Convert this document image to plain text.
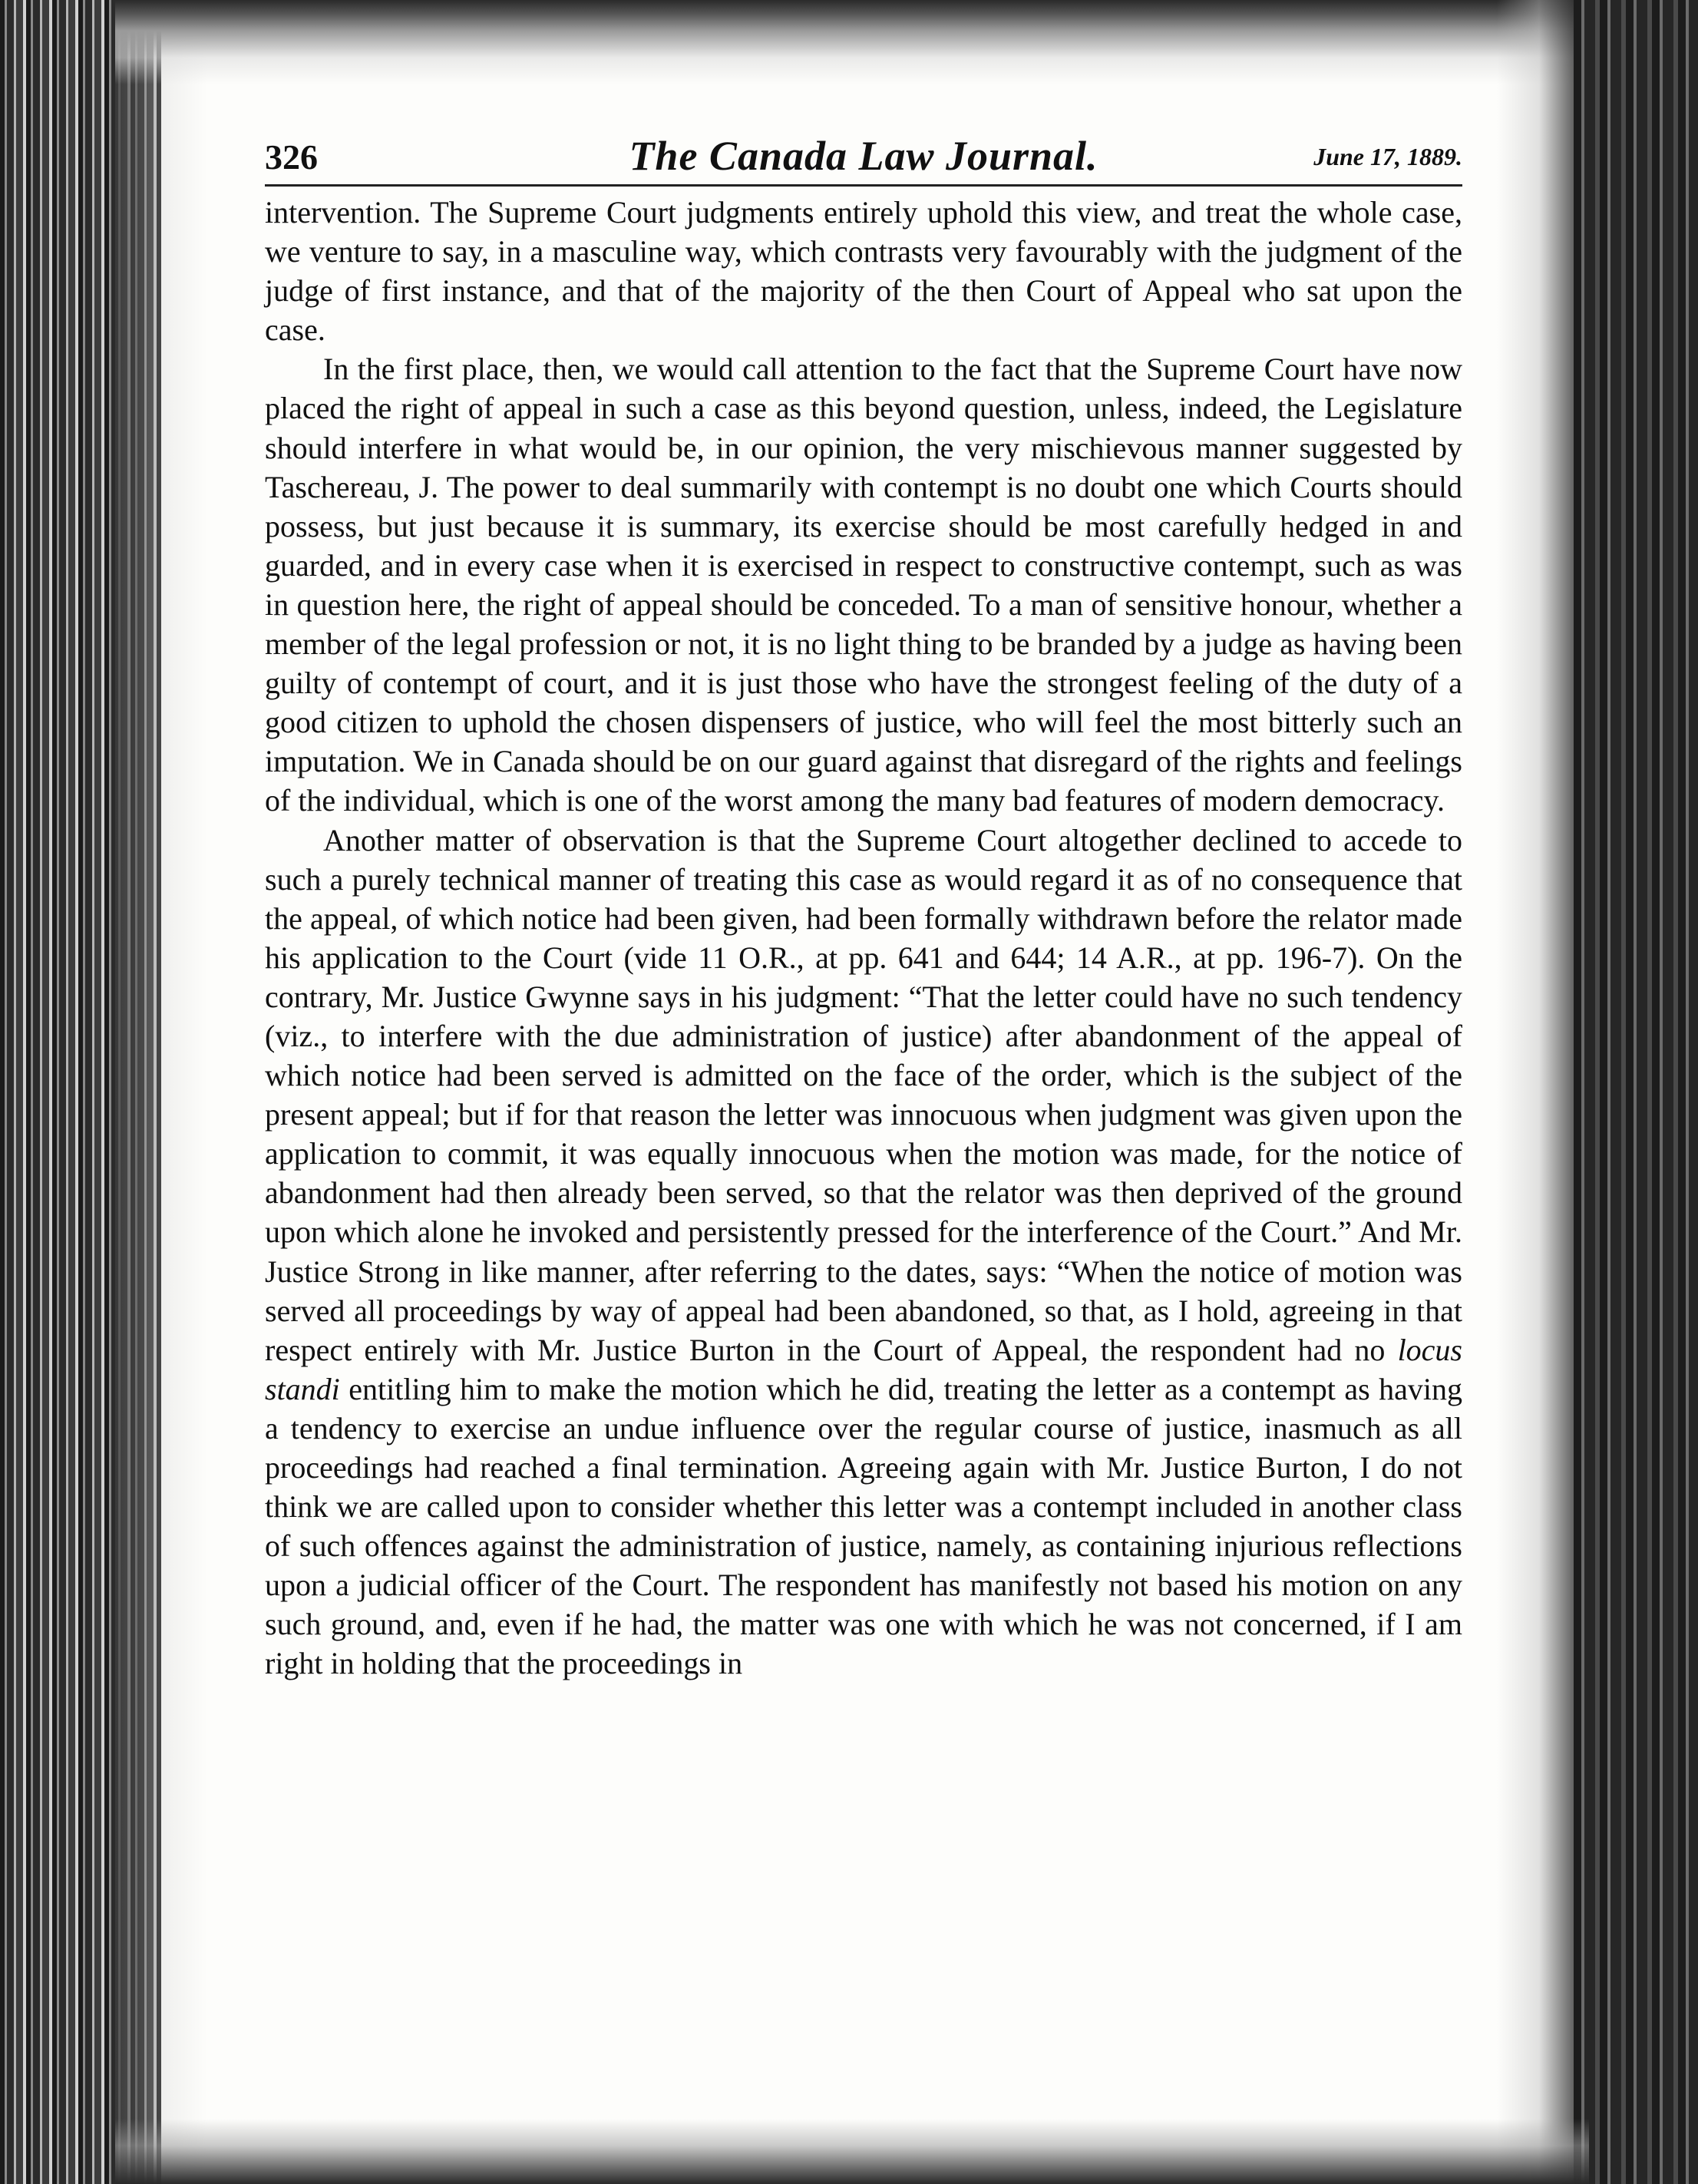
326	The Canada Law Journal.	June 17, 1889.

intervention. The Supreme Court judgments entirely uphold this view, and treat the whole case, we venture to say, in a masculine way, which contrasts very favourably with the judgment of the judge of first instance, and that of the majority of the then Court of Appeal who sat upon the case.

In the first place, then, we would call attention to the fact that the Supreme Court have now placed the right of appeal in such a case as this beyond question, unless, indeed, the Legislature should interfere in what would be, in our opinion, the very mischievous manner suggested by Taschereau, J. The power to deal summarily with contempt is no doubt one which Courts should possess, but just because it is summary, its exercise should be most carefully hedged in and guarded, and in every case when it is exercised in respect to constructive contempt, such as was in question here, the right of appeal should be conceded. To a man of sensitive honour, whether a member of the legal profession or not, it is no light thing to be branded by a judge as having been guilty of contempt of court, and it is just those who have the strongest feeling of the duty of a good citizen to uphold the chosen dispensers of justice, who will feel the most bitterly such an imputation. We in Canada should be on our guard against that disregard of the rights and feelings of the individual, which is one of the worst among the many bad features of modern democracy.

Another matter of observation is that the Supreme Court altogether declined to accede to such a purely technical manner of treating this case as would regard it as of no consequence that the appeal, of which notice had been given, had been formally withdrawn before the relator made his application to the Court (vide 11 O.R., at pp. 641 and 644; 14 A.R., at pp. 196-7). On the contrary, Mr. Justice Gwynne says in his judgment: “That the letter could have no such tendency (viz., to interfere with the due administration of justice) after abandonment of the appeal of which notice had been served is admitted on the face of the order, which is the subject of the present appeal; but if for that reason the letter was innocuous when judgment was given upon the application to commit, it was equally innocuous when the motion was made, for the notice of abandonment had then already been served, so that the relator was then deprived of the ground upon which alone he invoked and persistently pressed for the interference of the Court.” And Mr. Justice Strong in like manner, after referring to the dates, says: “When the notice of motion was served all proceedings by way of appeal had been abandoned, so that, as I hold, agreeing in that respect entirely with Mr. Justice Burton in the Court of Appeal, the respondent had no locus standi entitling him to make the motion which he did, treating the letter as a contempt as having a tendency to exercise an undue influence over the regular course of justice, inasmuch as all proceedings had reached a final termination. Agreeing again with Mr. Justice Burton, I do not think we are called upon to consider whether this letter was a contempt included in another class of such offences against the administration of justice, namely, as containing injurious reflections upon a judicial officer of the Court. The respondent has manifestly not based his motion on any such ground, and, even if he had, the matter was one with which he was not concerned, if I am right in holding that the proceedings in
